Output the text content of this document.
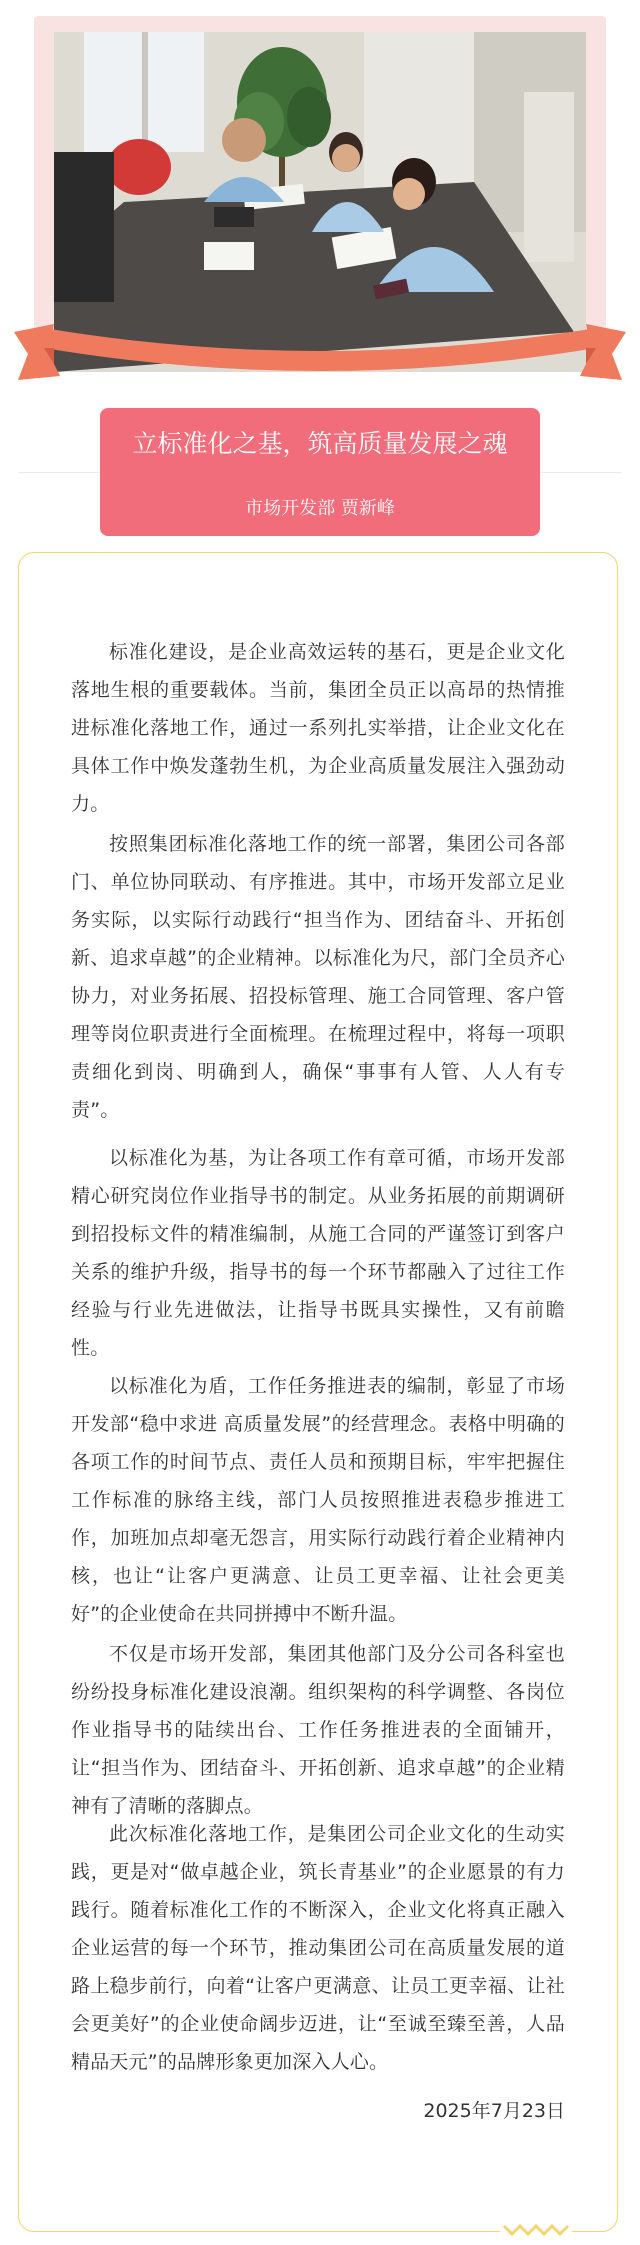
立标准化之基，筑高质量发展之魂
市场开发部 贾新峰

标准化建设，是企业高效运转的基石，更是企业文化落地生根的重要载体。当前，集团全员正以高昂的热情推进标准化落地工作，通过一系列扎实举措，让企业文化在具体工作中焕发蓬勃生机，为企业高质量发展注入强劲动力。

按照集团标准化落地工作的统一部署，集团公司各部门、单位协同联动、有序推进。其中，市场开发部立足业务实际，以实际行动践行“担当作为、团结奋斗、开拓创新、追求卓越”的企业精神。以标准化为尺，部门全员齐心协力，对业务拓展、招投标管理、施工合同管理、客户管理等岗位职责进行全面梳理。在梳理过程中，将每一项职责细化到岗、明确到人，确保“事事有人管、人人有专责”。

以标准化为基，为让各项工作有章可循，市场开发部精心研究岗位作业指导书的制定。从业务拓展的前期调研到招投标文件的精准编制，从施工合同的严谨签订到客户关系的维护升级，指导书的每一个环节都融入了过往工作经验与行业先进做法，让指导书既具实操性，又有前瞻性。

以标准化为盾，工作任务推进表的编制，彰显了市场开发部“稳中求进 高质量发展”的经营理念。表格中明确的各项工作的时间节点、责任人员和预期目标，牢牢把握住工作标准的脉络主线，部门人员按照推进表稳步推进工作，加班加点却毫无怨言，用实际行动践行着企业精神内核，也让“让客户更满意、让员工更幸福、让社会更美好”的企业使命在共同拼搏中不断升温。

不仅是市场开发部，集团其他部门及分公司各科室也纷纷投身标准化建设浪潮。组织架构的科学调整、各岗位作业指导书的陆续出台、工作任务推进表的全面铺开，让“担当作为、团结奋斗、开拓创新、追求卓越”的企业精神有了清晰的落脚点。

此次标准化落地工作，是集团公司企业文化的生动实践，更是对“做卓越企业，筑长青基业”的企业愿景的有力践行。随着标准化工作的不断深入，企业文化将真正融入企业运营的每一个环节，推动集团公司在高质量发展的道路上稳步前行，向着“让客户更满意、让员工更幸福、让社会更美好”的企业使命阔步迈进，让“至诚至臻至善，人品精品天元”的品牌形象更加深入人心。

2025年7月23日
